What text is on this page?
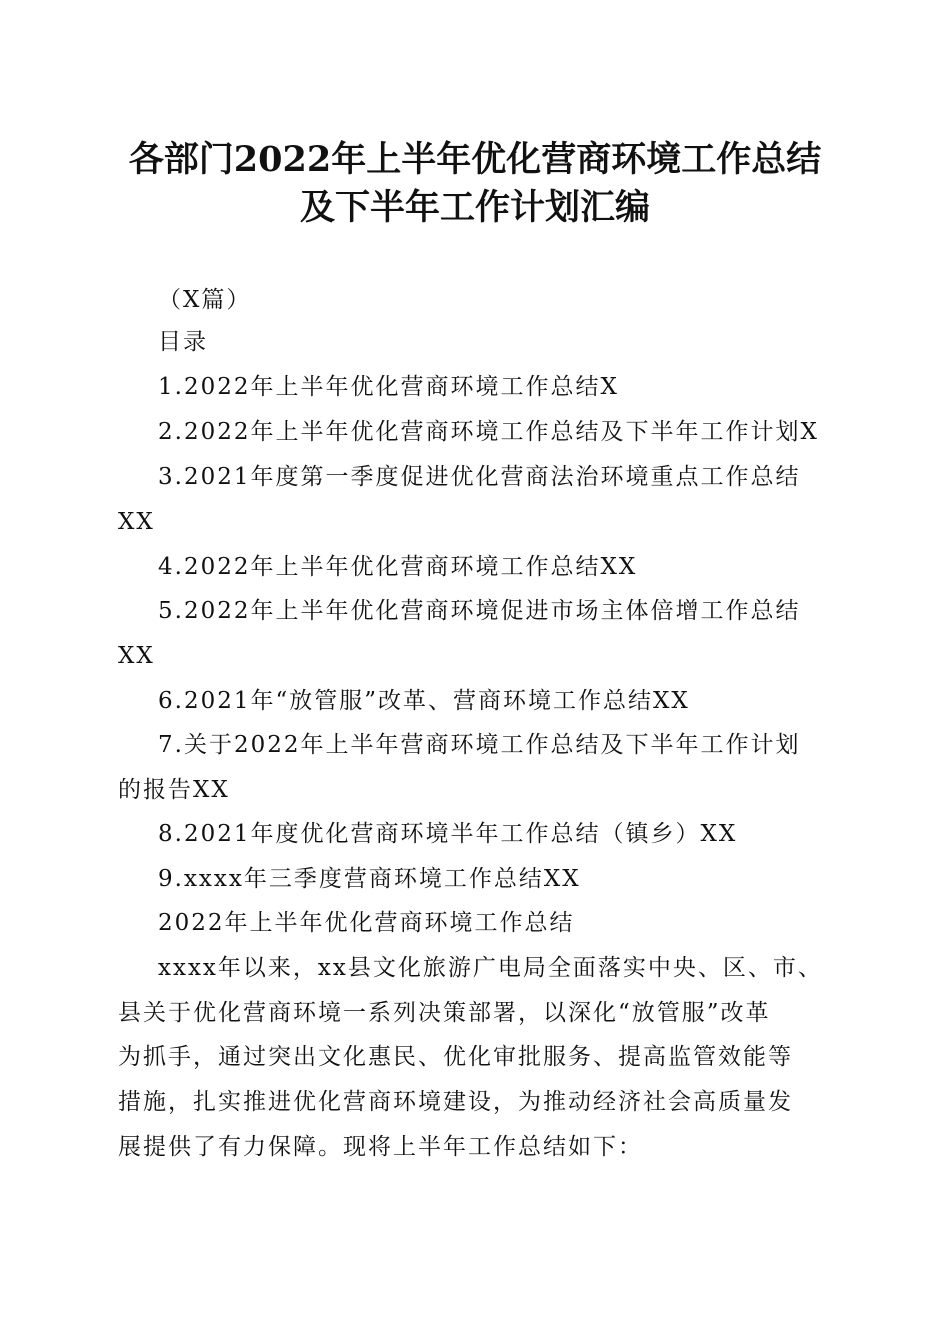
各部门2022年上半年优化营商环境工作总结
及下半年工作计划汇编

（X篇）

目录

1.2022年上半年优化营商环境工作总结X

2.2022年上半年优化营商环境工作总结及下半年工作计划X

3.2021年度第一季度促进优化营商法治环境重点工作总结

XX

4.2022年上半年优化营商环境工作总结XX

5.2022年上半年优化营商环境促进市场主体倍增工作总结

XX

6.2021年“放管服”改革、营商环境工作总结XX

7.关于2022年上半年营商环境工作总结及下半年工作计划

的报告XX

8.2021年度优化营商环境半年工作总结（镇乡）XX

9.xxxx年三季度营商环境工作总结XX

2022年上半年优化营商环境工作总结

xxxx年以来，xx县文化旅游广电局全面落实中央、区、市、

县关于优化营商环境一系列决策部署，以深化“放管服”改革

为抓手，通过突出文化惠民、优化审批服务、提高监管效能等

措施，扎实推进优化营商环境建设，为推动经济社会高质量发

展提供了有力保障。现将上半年工作总结如下：
